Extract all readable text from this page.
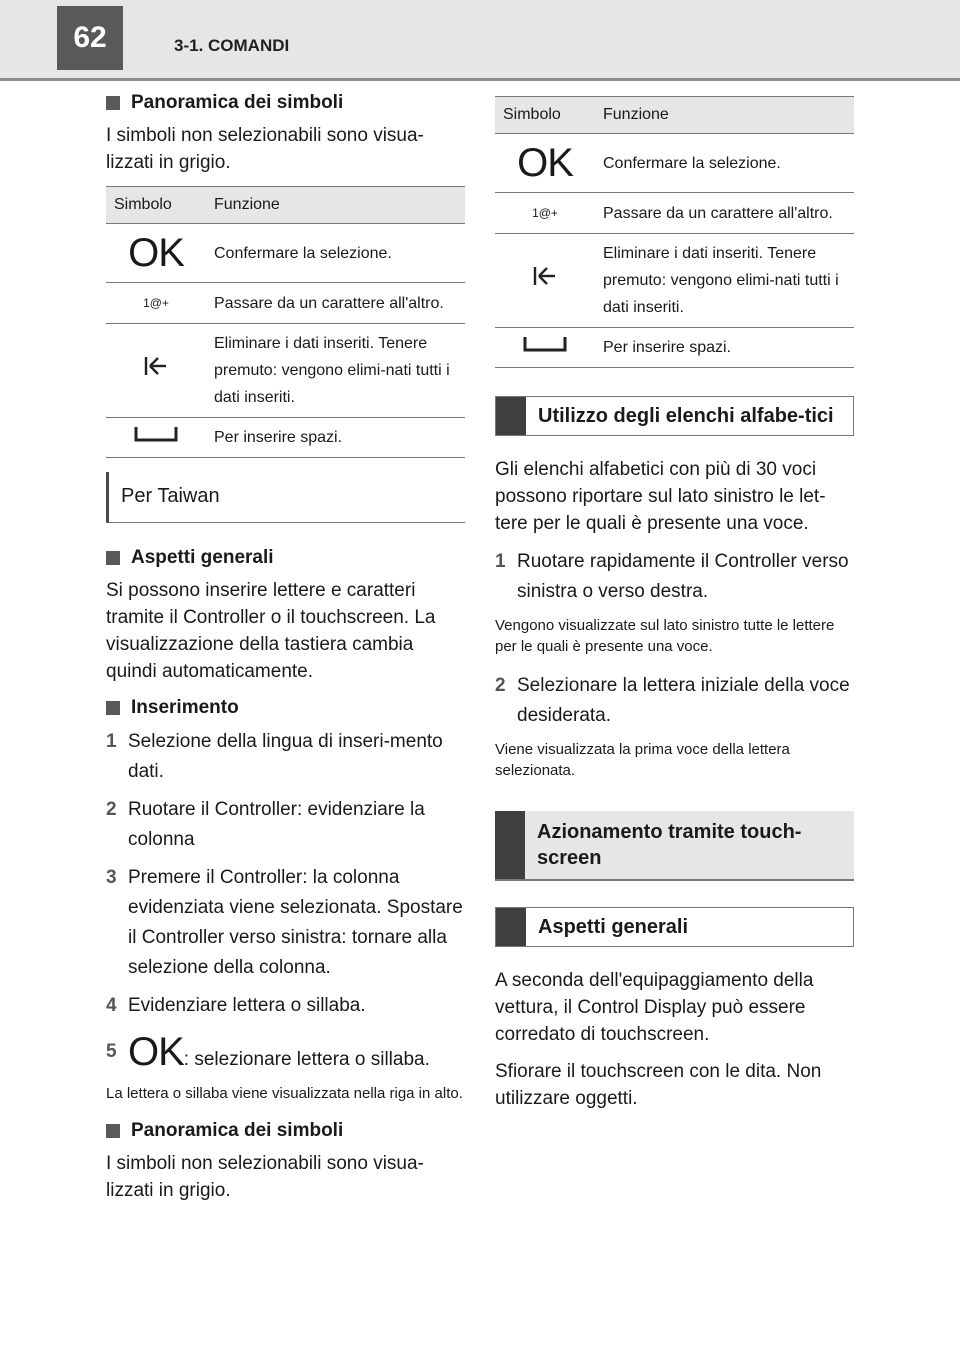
62	3-1. COMANDI
Panoramica dei simboli

I simboli non selezionabili sono visua-lizzati in grigio.

Simbolo	Funzione
OK	Confermare la selezione.
1@+	Passare da un carattere all'altro.
	Eliminare i dati inseriti. Tenere premuto: vengono elimi-nati tutti i dati inseriti.
	Per inserire spazi.
Per Taiwan
Aspetti generali

Si possono inserire lettere e caratteri tramite il Controller o il touchscreen. La visualizzazione della tastiera cambia quindi automaticamente.

Inserimento
1 Selezione della lingua di inseri-mento dati.
2 Ruotare il Controller: evidenziare la colonna
3 Premere il Controller: la colonna evidenziata viene selezionata. Spostare il Controller verso sinistra: tornare alla selezione della colonna.
4 Evidenziare lettera o sillaba.
5 OK: selezionare lettera o sillaba.

La lettera o sillaba viene visualizzata nella riga in alto.

Panoramica dei simboli

I simboli non selezionabili sono visua-lizzati in grigio.

Simbolo	Funzione
OK	Confermare la selezione.
1@+	Passare da un carattere all'altro.
	Eliminare i dati inseriti. Tenere premuto: vengono elimi-nati tutti i dati inseriti.
	Per inserire spazi.
Utilizzo degli elenchi alfabe-tici

Gli elenchi alfabetici con più di 30 voci possono riportare sul lato sinistro le let-tere per le quali è presente una voce.

1 Ruotare rapidamente il Controller verso sinistra o verso destra.

Vengono visualizzate sul lato sinistro tutte le lettere per le quali è presente una voce.

2 Selezionare la lettera iniziale della voce desiderata.

Viene visualizzata la prima voce della lettera selezionata.

Azionamento tramite touch-screen
Aspetti generali

A seconda dell'equipaggiamento della vettura, il Control Display può essere corredato di touchscreen.

Sfiorare il touchscreen con le dita. Non utilizzare oggetti.
